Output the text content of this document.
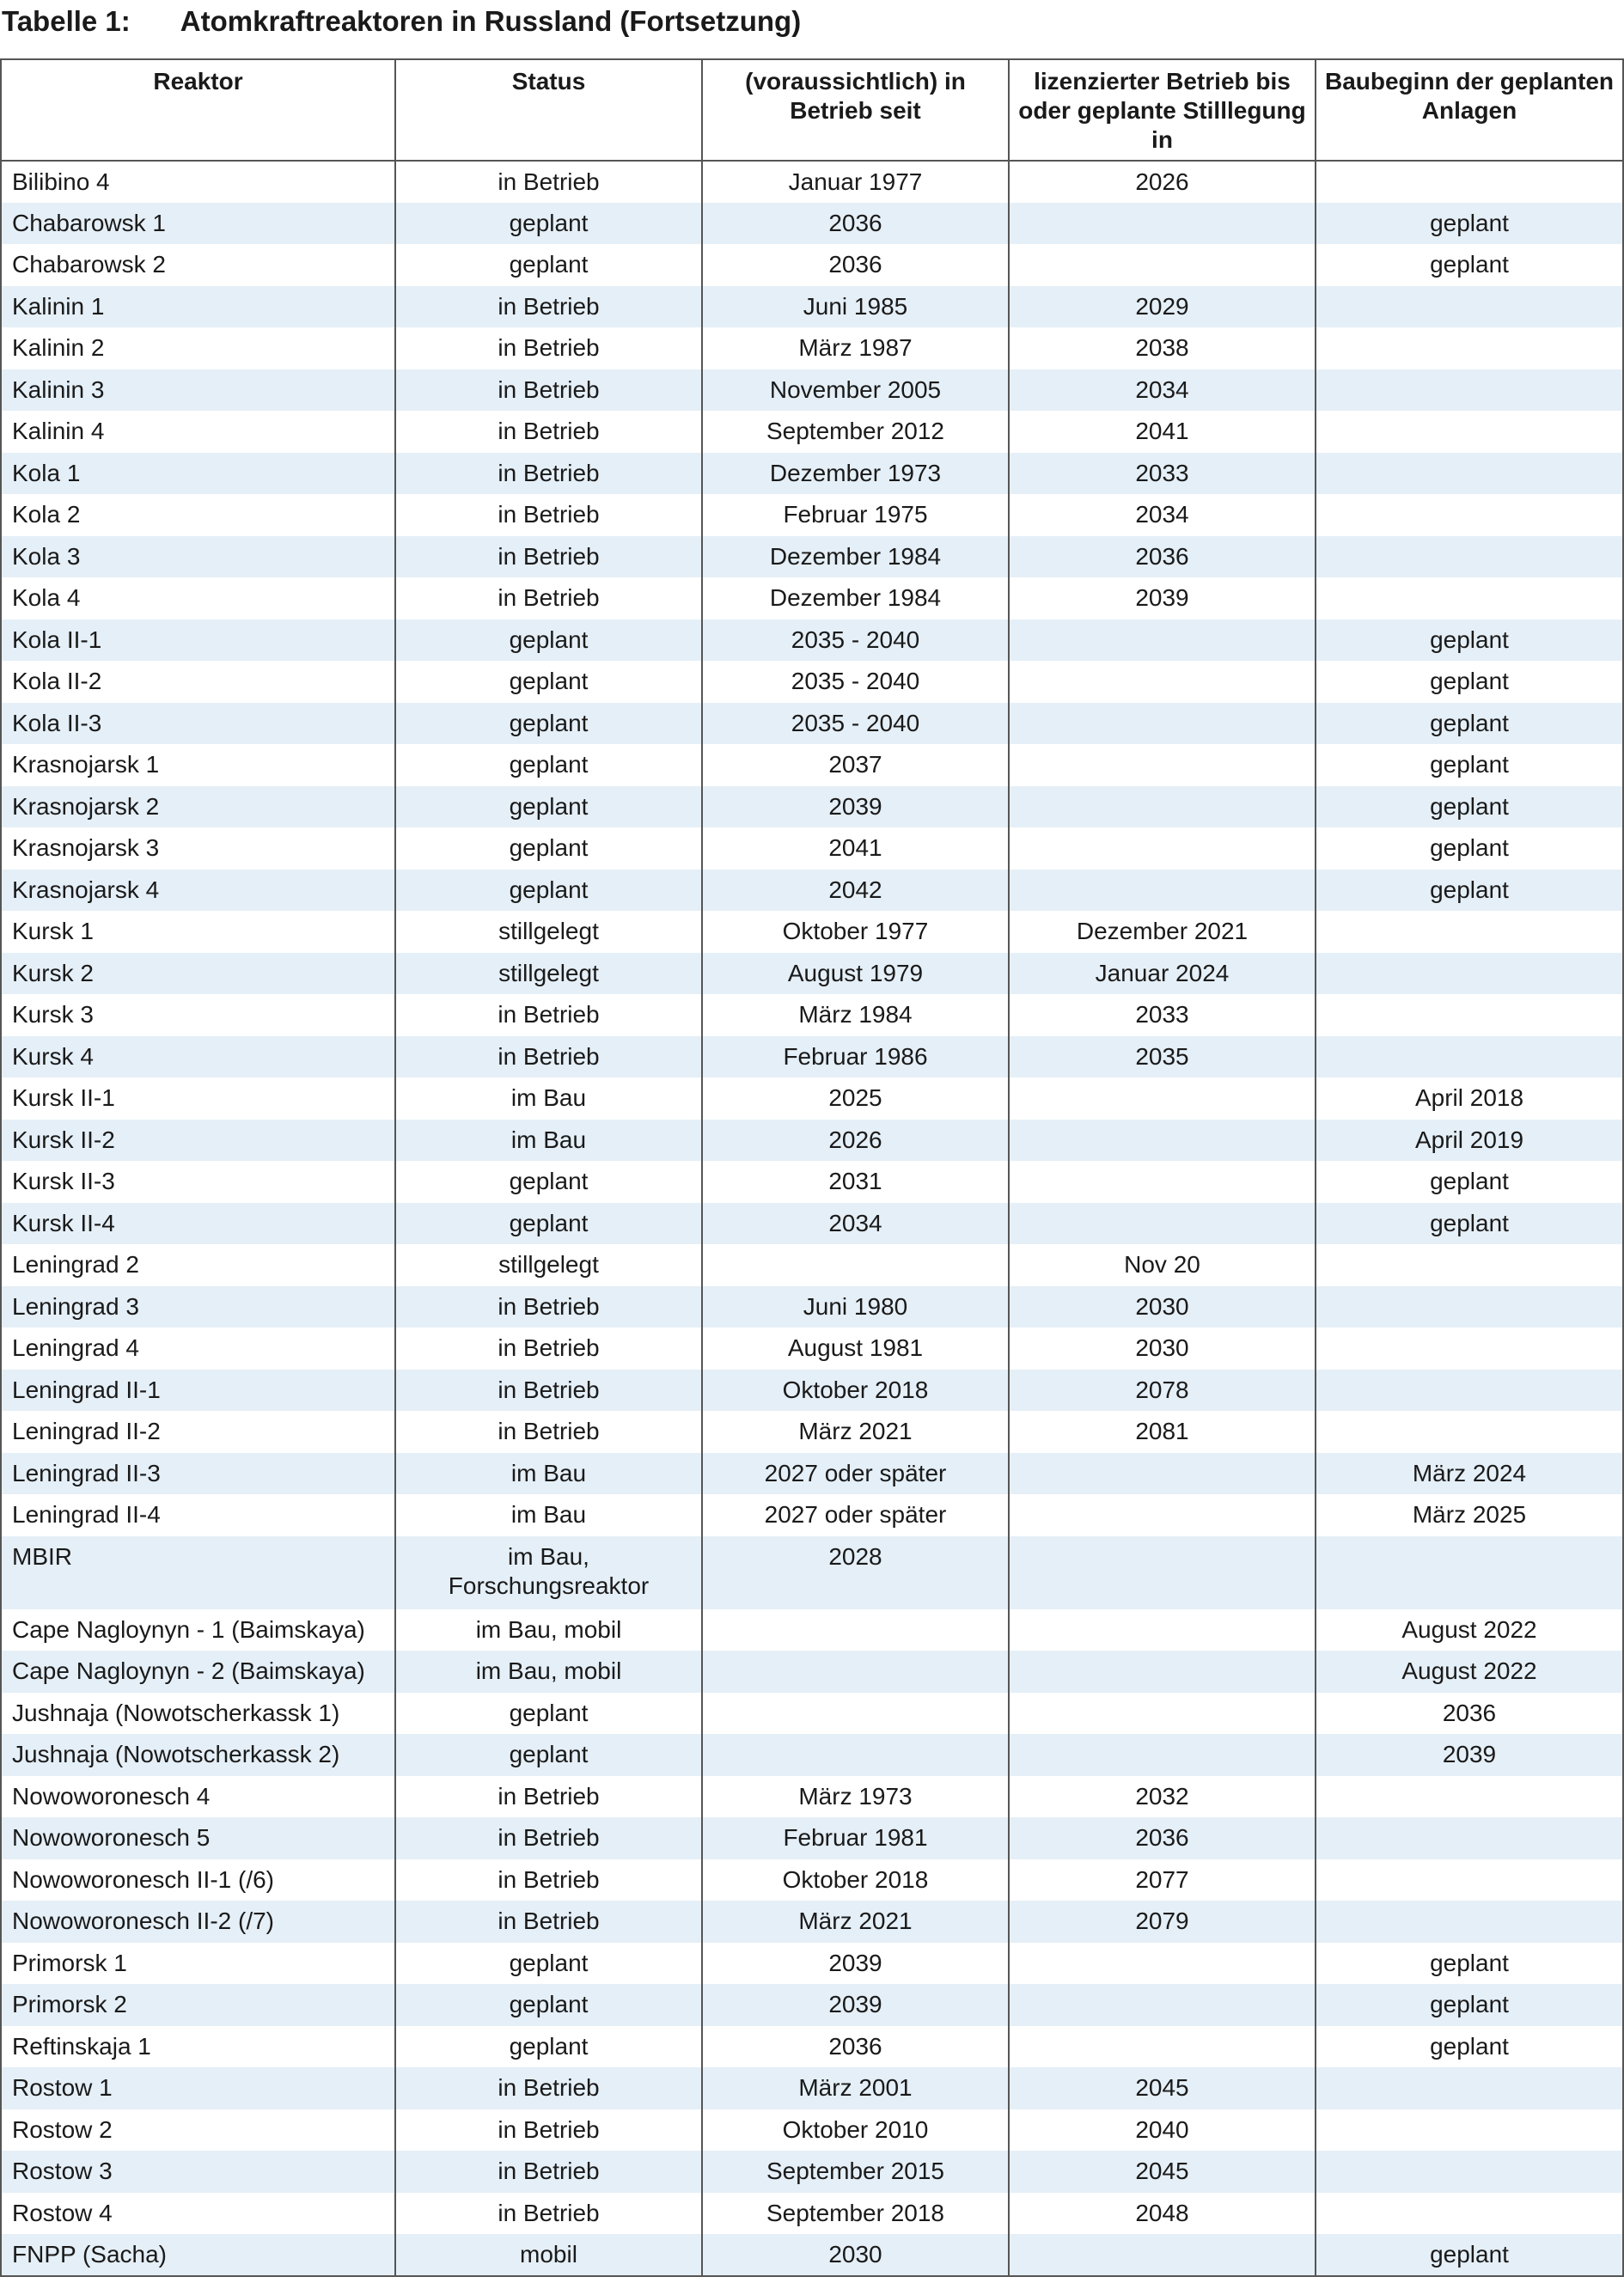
Tabelle 1: Atomkraftreaktoren in Russland (Fortsetzung)
Reaktor	Status	(voraussichtlich) in Betrieb seit	lizenzierter Betrieb bis oder geplante Stilllegung in	Baubeginn der geplanten Anlagen
Bilibino 4	in Betrieb	Januar 1977	2026	
Chabarowsk 1	geplant	2036		geplant
Chabarowsk 2	geplant	2036		geplant
Kalinin 1	in Betrieb	Juni 1985	2029	
Kalinin 2	in Betrieb	März 1987	2038	
Kalinin 3	in Betrieb	November 2005	2034	
Kalinin 4	in Betrieb	September 2012	2041	
Kola 1	in Betrieb	Dezember 1973	2033	
Kola 2	in Betrieb	Februar 1975	2034	
Kola 3	in Betrieb	Dezember 1984	2036	
Kola 4	in Betrieb	Dezember 1984	2039	
Kola II-1	geplant	2035 - 2040		geplant
Kola II-2	geplant	2035 - 2040		geplant
Kola II-3	geplant	2035 - 2040		geplant
Krasnojarsk 1	geplant	2037		geplant
Krasnojarsk 2	geplant	2039		geplant
Krasnojarsk 3	geplant	2041		geplant
Krasnojarsk 4	geplant	2042		geplant
Kursk 1	stillgelegt	Oktober 1977	Dezember 2021	
Kursk 2	stillgelegt	August 1979	Januar 2024	
Kursk 3	in Betrieb	März 1984	2033	
Kursk 4	in Betrieb	Februar 1986	2035	
Kursk II-1	im Bau	2025		April 2018
Kursk II-2	im Bau	2026		April 2019
Kursk II-3	geplant	2031		geplant
Kursk II-4	geplant	2034		geplant
Leningrad 2	stillgelegt		Nov 20	
Leningrad 3	in Betrieb	Juni 1980	2030	
Leningrad 4	in Betrieb	August 1981	2030	
Leningrad II-1	in Betrieb	Oktober 2018	2078	
Leningrad II-2	in Betrieb	März 2021	2081	
Leningrad II-3	im Bau	2027 oder später		März 2024
Leningrad II-4	im Bau	2027 oder später		März 2025
MBIR	im Bau, Forschungsreaktor	2028		
Cape Nagloynyn - 1 (Baimskaya)	im Bau, mobil			August 2022
Cape Nagloynyn - 2 (Baimskaya)	im Bau, mobil			August 2022
Jushnaja (Nowotscherkassk 1)	geplant			2036
Jushnaja (Nowotscherkassk 2)	geplant			2039
Nowoworonesch 4	in Betrieb	März 1973	2032	
Nowoworonesch 5	in Betrieb	Februar 1981	2036	
Nowoworonesch II-1 (/6)	in Betrieb	Oktober 2018	2077	
Nowoworonesch II-2 (/7)	in Betrieb	März 2021	2079	
Primorsk 1	geplant	2039		geplant
Primorsk 2	geplant	2039		geplant
Reftinskaja 1	geplant	2036		geplant
Rostow 1	in Betrieb	März 2001	2045	
Rostow 2	in Betrieb	Oktober 2010	2040	
Rostow 3	in Betrieb	September 2015	2045	
Rostow 4	in Betrieb	September 2018	2048	
FNPP (Sacha)	mobil	2030		geplant
